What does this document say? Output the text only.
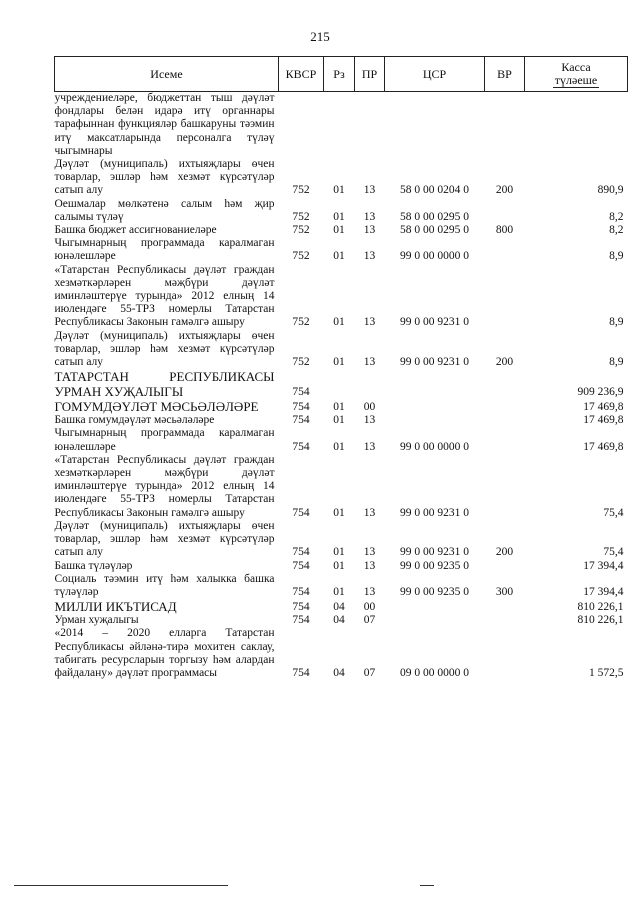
215
Исеме	КВСР	Рз	ПР	ЦСР	ВР	Касса
түләеше

учреждениеләре, бюджеттан тыш дәүләт фондлары белән идарә итү органнары тарафыннан функцияләр башкаруны тәэмин итү максатларында персоналга түләү чыгымнары						
Дәүләт (муниципаль) ихтыяҗлары өчен товарлар, эшләр һәм хезмәт күрсәтүләр сатып алу	752	01	13	58 0 00 0204 0	200	890,9
Оешмалар мөлкәтенә салым һәм җир салымы түләү	752	01	13	58 0 00 0295 0		8,2
Башка бюджет ассигнованиеләре	752	01	13	58 0 00 0295 0	800	8,2
Чыгымнарның программада каралмаган юнәлешләре	752	01	13	99 0 00 0000 0		8,9
«Татарстан Республикасы дәүләт граждан хезмәткәрләрен мәҗбүри дәүләт иминләштерүе турында» 2012 елның 14 июлендәге 55-ТРЗ номерлы Татарстан Республикасы Законын гамәлгә ашыру	752	01	13	99 0 00 9231 0		8,9
Дәүләт (муниципаль) ихтыяҗлары өчен товарлар, эшләр һәм хезмәт күрсәтүләр сатып алу	752	01	13	99 0 00 9231 0	200	8,9
ТАТАРСТАН РЕСПУБЛИКАСЫ УРМАН ХУҖАЛЫГЫ	754					909 236,9
ГОМУМДӘҮЛӘТ МӘСЬӘЛӘЛӘРЕ	754	01	00			17 469,8
Башка гомумдәүләт мәсьәләләре	754	01	13			17 469,8
Чыгымнарның программада каралмаган юнәлешләре	754	01	13	99 0 00 0000 0		17 469,8
«Татарстан Республикасы дәүләт граждан хезмәткәрләрен мәҗбүри дәүләт иминләштерүе турында» 2012 елның 14 июлендәге 55-ТРЗ номерлы Татарстан Республикасы Законын гамәлгә ашыру	754	01	13	99 0 00 9231 0		75,4
Дәүләт (муниципаль) ихтыяҗлары өчен товарлар, эшләр һәм хезмәт күрсәтүләр сатып алу	754	01	13	99 0 00 9231 0	200	75,4
Башка түләүләр	754	01	13	99 0 00 9235 0		17 394,4
Социаль тәэмин итү һәм халыкка башка түләүләр	754	01	13	99 0 00 9235 0	300	17 394,4
МИЛЛИ ИКЪТИСАД	754	04	00			810 226,1
Урман хуҗалыгы	754	04	07			810 226,1
«2014 – 2020 елларга Татарстан Республикасы әйләнә-тирә мохитен саклау, табигать ресурсларын торгызу һәм алардан файдалану» дәүләт программасы	754	04	07	09 0 00 0000 0		1 572,5
